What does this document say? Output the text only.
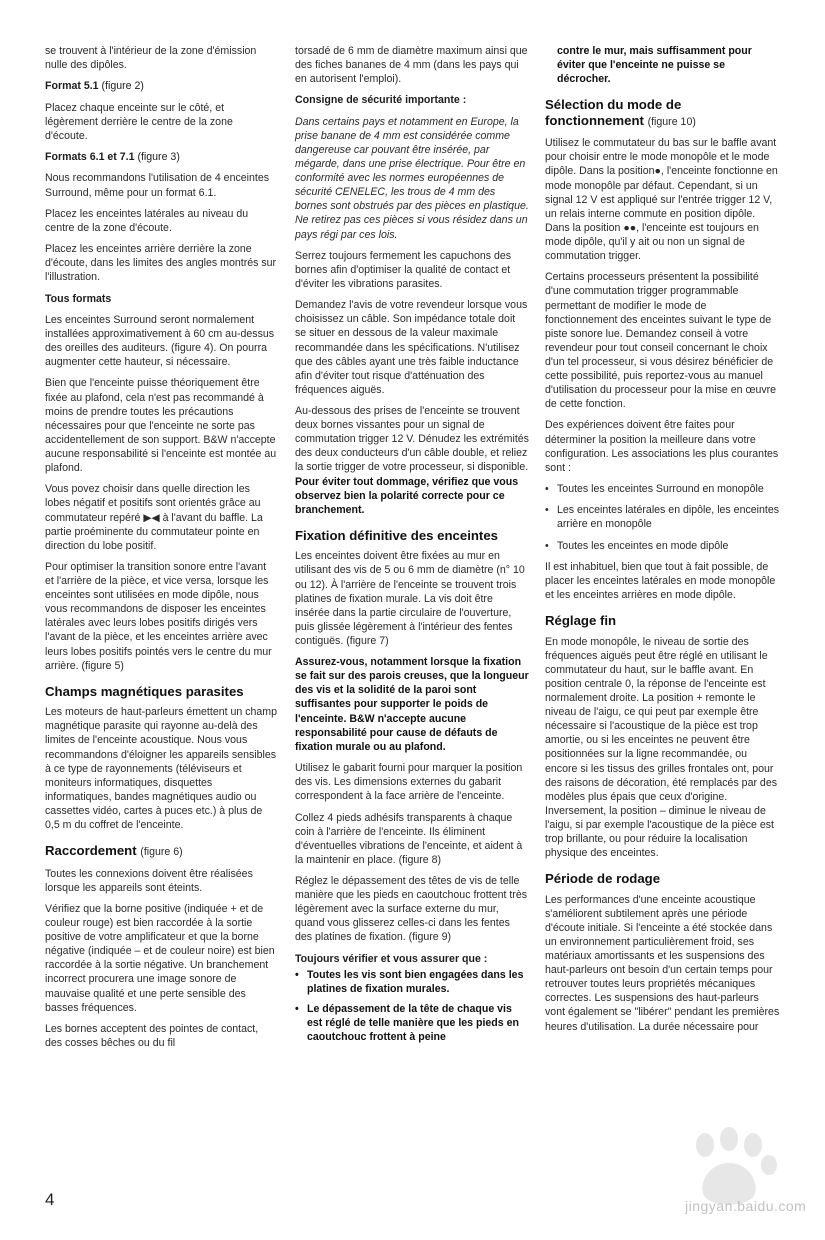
se trouvent à l'intérieur de la zone d'émission nulle des dipôles.

Format 5.1 (figure 2)

Placez chaque enceinte sur le côté, et légèrement derrière le centre de la zone d'écoute.

Formats 6.1 et 7.1 (figure 3)

Nous recommandons l'utilisation de 4 enceintes Surround, même pour un format 6.1.

Placez les enceintes latérales au niveau du centre de la zone d'écoute.

Placez les enceintes arrière derrière la zone d'écoute, dans les limites des angles montrés sur l'illustration.

Tous formats

Les enceintes Surround seront normalement installées approximativement à 60 cm au-dessus des oreilles des auditeurs. (figure 4). On pourra augmenter cette hauteur, si nécessaire.

Bien que l'enceinte puisse théoriquement être fixée au plafond, cela n'est pas recommandé à moins de prendre toutes les précautions nécessaires pour que l'enceinte ne sorte pas accidentellement de son support. B&W n'accepte aucune responsabilité si l'enceinte est montée au plafond.

Vous povez choisir dans quelle direction les lobes négatif et positifs sont orientés grâce au commutateur repéré ▶◀ à l'avant du baffle. La partie proéminente du commutateur pointe en direction du lobe positif.

Pour optimiser la transition sonore entre l'avant et l'arrière de la pièce, et vice versa, lorsque les enceintes sont utilisées en mode dipôle, nous vous recommandons de disposer les enceintes latérales avec leurs lobes positifs dirigés vers l'avant de la pièce, et les enceintes arrière avec leurs lobes positifs pointés vers le centre du mur arrière. (figure 5)

Champs magnétiques parasites

Les moteurs de haut-parleurs émettent un champ magnétique parasite qui rayonne au-delà des limites de l'enceinte acoustique. Nous vous recommandons d'éloigner les appareils sensibles à ce type de rayonnements (téléviseurs et moniteurs informatiques, disquettes informatiques, bandes magnétiques audio ou cassettes vidéo, cartes à puces etc.) à plus de 0,5 m du coffret de l'enceinte.

Raccordement (figure 6)

Toutes les connexions doivent être réalisées lorsque les appareils sont éteints.

Vérifiez que la borne positive (indiquée + et de couleur rouge) est bien raccordée à la sortie positive de votre amplificateur et que la borne négative (indiquée – et de couleur noire) est bien raccordée à la sortie négative. Un branchement incorrect procurera une image sonore de mauvaise qualité et une perte sensible des basses fréquences.

Les bornes acceptent des pointes de contact, des cosses bêches ou du fil

torsadé de 6 mm de diamètre maximum ainsi que des fiches bananes de 4 mm (dans les pays qui en autorisent l'emploi).

Consigne de sécurité importante :

Dans certains pays et notamment en Europe, la prise banane de 4 mm est considérée comme dangereuse car pouvant être insérée, par mégarde, dans une prise électrique. Pour être en conformité avec les normes européennes de sécurité CENELEC, les trous de 4 mm des bornes sont obstrués par des pièces en plastique. Ne retirez pas ces pièces si vous résidez dans un pays régi par ces lois.

Serrez toujours fermement les capuchons des bornes afin d'optimiser la qualité de contact et d'éviter les vibrations parasites.

Demandez l'avis de votre revendeur lorsque vous choisissez un câble. Son impédance totale doit se situer en dessous de la valeur maximale recommandée dans les spécifications. N'utilisez que des câbles ayant une très faible inductance afin d'éviter tout risque d'atténuation des fréquences aiguës.

Au-dessous des prises de l'enceinte se trouvent deux bornes vissantes pour un signal de commutation trigger 12 V. Dénudez les extrémités des deux conducteurs d'un câble double, et reliez la sortie trigger de votre processeur, si disponible. Pour éviter tout dommage, vérifiez que vous observez bien la polarité correcte pour ce branchement.

Fixation définitive des enceintes

Les enceintes doivent être fixées au mur en utilisant des vis de 5 ou 6 mm de diamètre (n° 10 ou 12). À l'arrière de l'enceinte se trouvent trois platines de fixation murale. La vis doit être insérée dans la partie circulaire de l'ouverture, puis glissée légèrement à l'intérieur des fentes contiguës. (figure 7)

Assurez-vous, notamment lorsque la fixation se fait sur des parois creuses, que la longueur des vis et la solidité de la paroi sont suffisantes pour supporter le poids de l'enceinte. B&W n'accepte aucune responsabilité pour cause de défauts de fixation murale ou au plafond.

Utilisez le gabarit fourni pour marquer la position des vis. Les dimensions externes du gabarit correspondent à la face arrière de l'enceinte.

Collez 4 pieds adhésifs transparents à chaque coin à l'arrière de l'enceinte. Ils éliminent d'éventuelles vibrations de l'enceinte, et aident à la maintenir en place. (figure 8)

Réglez le dépassement des têtes de vis de telle manière que les pieds en caoutchouc frottent très légèrement avec la surface externe du mur, quand vous glisserez celles-ci dans les fentes des platines de fixation. (figure 9)

Toujours vérifier et vous assurer que :

• Toutes les vis sont bien engagées dans les platines de fixation murales.
• Le dépassement de la tête de chaque vis est réglé de telle manière que les pieds en caoutchouc frottent à peine

contre le mur, mais suffisamment pour éviter que l'enceinte ne puisse se décrocher.

Sélection du mode de fonctionnement (figure 10)

Utilisez le commutateur du bas sur le baffle avant pour choisir entre le mode monopôle et le mode dipôle. Dans la position●, l'enceinte fonctionne en mode monopôle par défaut. Cependant, si un signal 12 V est appliqué sur l'entrée trigger 12 V, un relais interne commute en position dipôle. Dans la position ●●, l'enceinte est toujours en mode dipôle, qu'il y ait ou non un signal de commutation trigger.

Certains processeurs présentent la possibilité d'une commutation trigger programmable permettant de modifier le mode de fonctionnement des enceintes suivant le type de piste sonore lue. Demandez conseil à votre revendeur pour tout conseil concernant le choix d'un tel processeur, si vous désirez bénéficier de cette possibilité, puis reportez-vous au manuel d'utilisation du processeur pour la mise en œuvre de cette fonction.

Des expériences doivent être faites pour déterminer la position la meilleure dans votre configuration. Les associations les plus courantes sont :

• Toutes les enceintes Surround en monopôle
• Les enceintes latérales en dipôle, les enceintes arrière en monopôle
• Toutes les enceintes en mode dipôle

Il est inhabituel, bien que tout à fait possible, de placer les enceintes latérales en mode monopôle et les enceintes arrières en mode dipôle.

Réglage fin

En mode monopôle, le niveau de sortie des fréquences aiguës peut être réglé en utilisant le commutateur du haut, sur le baffle avant. En position centrale 0, la réponse de l'enceinte est normalement droite. La position + remonte le niveau de l'aigu, ce qui peut par exemple être nécessaire si l'acoustique de la pièce est trop amortie, ou si les enceintes ne peuvent être positionnées sur la ligne recommandée, ou encore si les tissus des grilles frontales ont, pour des raisons de décoration, été remplacés par des modèles plus épais que ceux d'origine. Inversement, la position – diminue le niveau de l'aigu, si par exemple l'acoustique de la pièce est trop brillante, ou pour réduire la localisation physique des enceintes.

Période de rodage

Les performances d'une enceinte acoustique s'améliorent subtilement après une période d'écoute initiale. Si l'enceinte a été stockée dans un environnement particulièrement froid, ses matériaux amortissants et les suspensions des haut-parleurs ont besoin d'un certain temps pour retrouver toutes leurs propriétés mécaniques correctes. Les suspensions des haut-parleurs vont également se "libérer" pendant les premières heures d'utilisation. La durée nécessaire pour

4	jingyan.baidu.com
